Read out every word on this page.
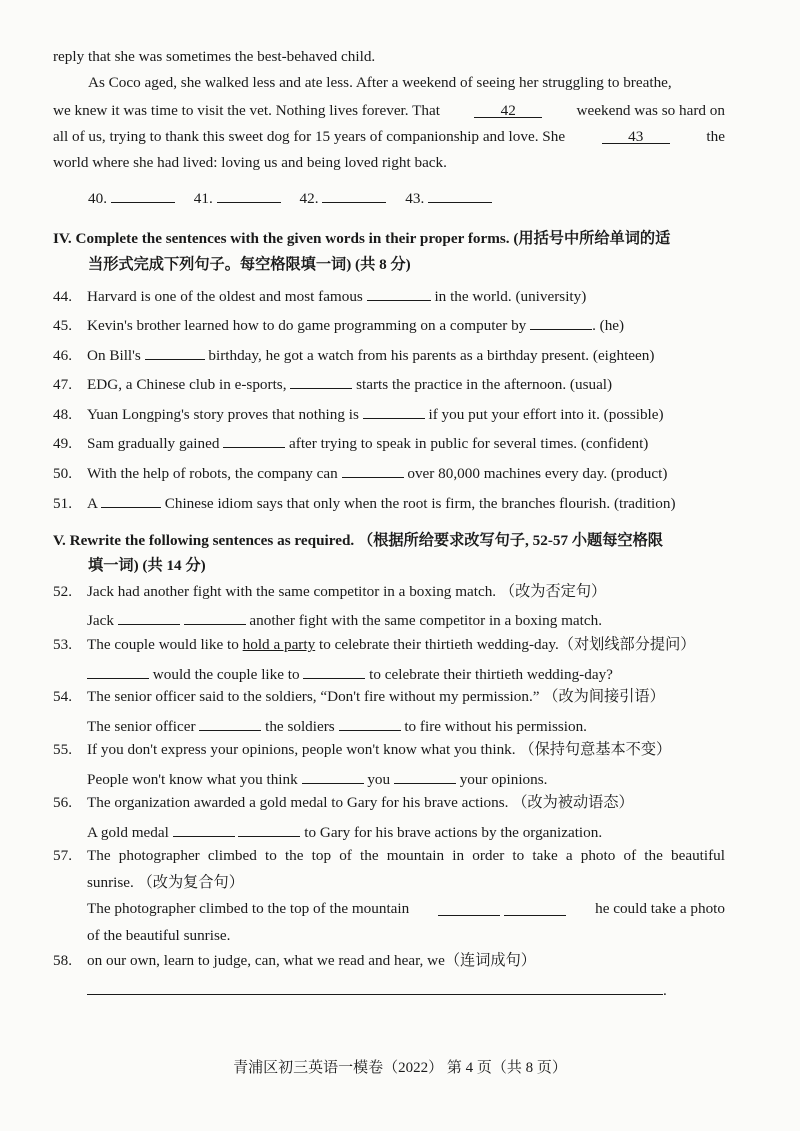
reply that she was sometimes the best-behaved child.
As Coco aged, she walked less and ate less. After a weekend of seeing her struggling to breathe,
we knew it was time to visit the vet. Nothing lives forever. That	42	weekend was so hard on
all of us, trying to thank this sweet dog for 15 years of companionship and love. She	43	the
world where she had lived: loving us and being loved right back.
40.	41.	42.	43.
IV. Complete the sentences with the given words in their proper forms. (用括号中所给单词的适
当形式完成下列句子。每空格限填一词) (共 8 分)
44. Harvard is one of the oldest and most famous	in the world. (university)
45. Kevin's brother learned how to do game programming on a computer by	. (he)
46. On Bill's	birthday, he got a watch from his parents as a birthday present. (eighteen)
47. EDG, a Chinese club in e-sports,	starts the practice in the afternoon. (usual)
48. Yuan Longping's story proves that nothing is	if you put your effort into it. (possible)
49. Sam gradually gained	after trying to speak in public for several times. (confident)
50. With the help of robots, the company can	over 80,000 machines every day. (product)
51. A	Chinese idiom says that only when the root is firm, the branches flourish. (tradition)
V. Rewrite the following sentences as required. （根据所给要求改写句子, 52-57 小题每空格限
填一词) (共 14 分)
52. Jack had another fight with the same competitor in a boxing match. （改为否定句）
Jack	another fight with the same competitor in a boxing match.
53. The couple would like to hold a party to celebrate their thirtieth wedding-day.（对划线部分提问）
would the couple like to	to celebrate their thirtieth wedding-day?
54. The senior officer said to the soldiers, “Don't fire without my permission.” （改为间接引语）
The senior officer	the soldiers	to fire without his permission.
55. If you don't express your opinions, people won't know what you think. （保持句意基本不变）
People won't know what you think	you	your opinions.
56. The organization awarded a gold medal to Gary for his brave actions. （改为被动语态）
A gold medal	to Gary for his brave actions by the organization.
57. The photographer climbed to the top of the mountain in order to take a photo of the beautiful
sunrise. （改为复合句）
The photographer climbed to the top of the mountain
	he could take a photo
of the beautiful sunrise.
58. on our own, learn to judge, can, what we read and hear, we（连词成句）
.
青浦区初三英语一模卷（2022） 第 4 页（共 8 页）
